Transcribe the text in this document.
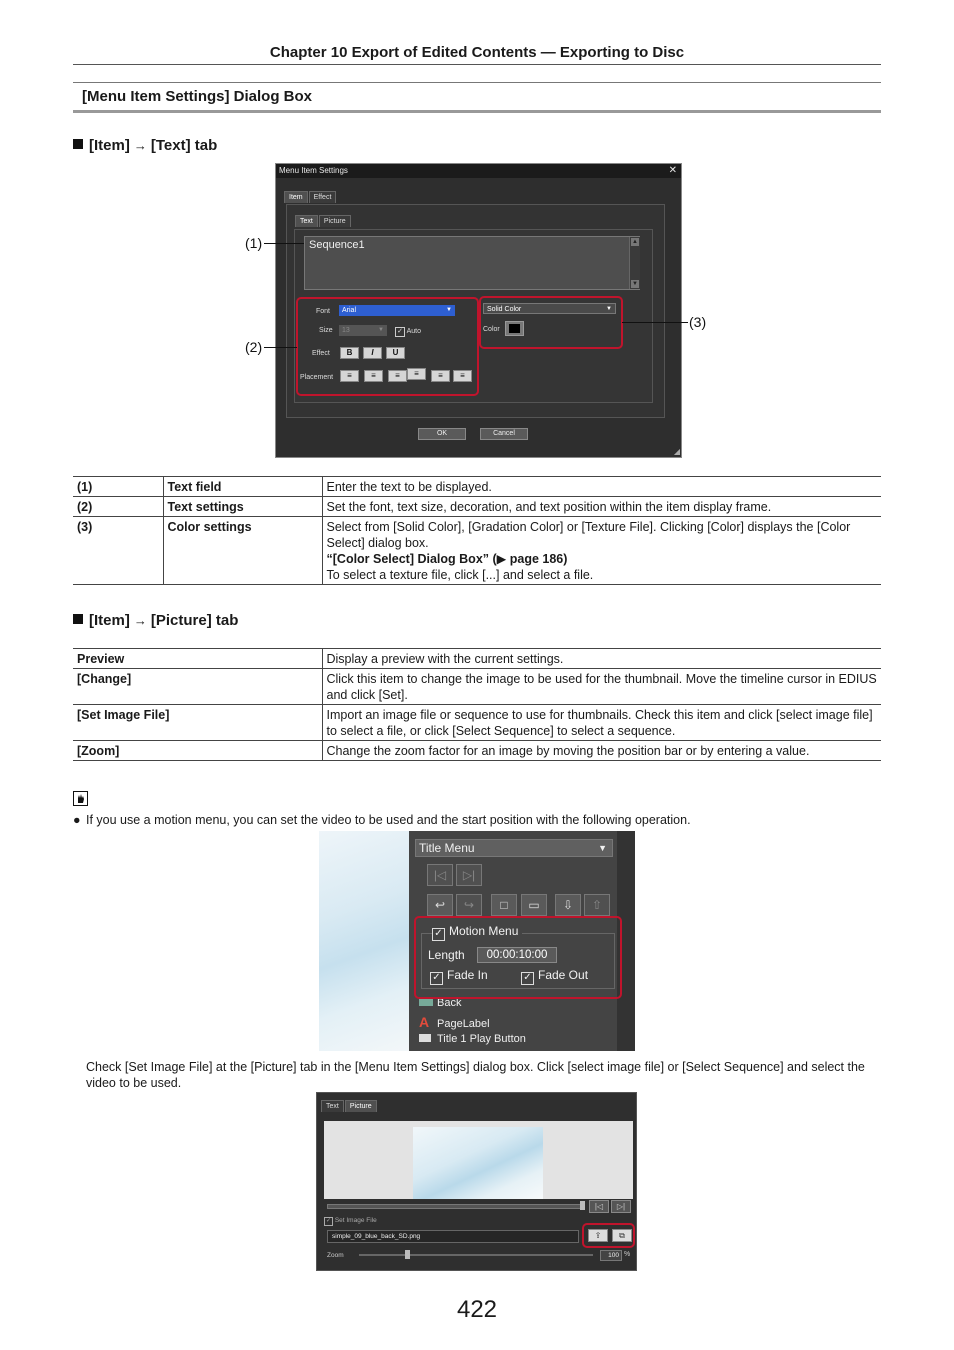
Chapter 10 Export of Edited Contents — Exporting to Disc
[Menu Item Settings] Dialog Box
[Item] → [Text] tab
Menu Item Settings	✕
Item	Effect
Text	Picture
Sequence1	▲
▼
Font	Arial	▼
Size	13	▼ ✓ Auto
Effect	B	I	U
Placement	≡	≡	≡	≡	≡	≡
Solid Color	▼
Color
OK	Cancel
◢
(1)
(2)
(3)
(1)	Text field	Enter the text to be displayed.
(2)	Text settings	Set the font, text size, decoration, and text position within the item display frame.
(3)	Color settings	Select from [Solid Color], [Gradation Color] or [Texture File]. Clicking [Color] displays the [Color Select] dialog box.
“[Color Select] Dialog Box” (▶ page 186)
To select a texture file, click [...] and select a file.
[Item] → [Picture] tab
Preview	Display a preview with the current settings.
[Change]	Click this item to change the image to be used for the thumbnail. Move the timeline cursor in EDIUS and click [Set].
[Set Image File]	Import an image file or sequence to use for thumbnails. Check this item and click [select image file] to select a file, or click [Select Sequence] to select a sequence.
[Zoom]	Change the zoom factor for an image by moving the position bar or by entering a value.
● If you use a motion menu, you can set the video to be used and the start position with the following operation.
Title Menu	▼
|◁	▷|
↩	↪	□	▭	⇩	⇧
✓ Motion Menu
Length	00:00:10:00
✓ Fade In	✓ Fade Out
Back
A PageLabel
Title 1 Play Button
Check [Set Image File] at the [Picture] tab in the [Menu Item Settings] dialog box. Click [select image file] or [Select Sequence] and select the video to be used.
Text	Picture
|◁	▷|
✓ Set Image File
simple_09_blue_back_SD.png	⇪	⧉
Zoom	100 %
422
